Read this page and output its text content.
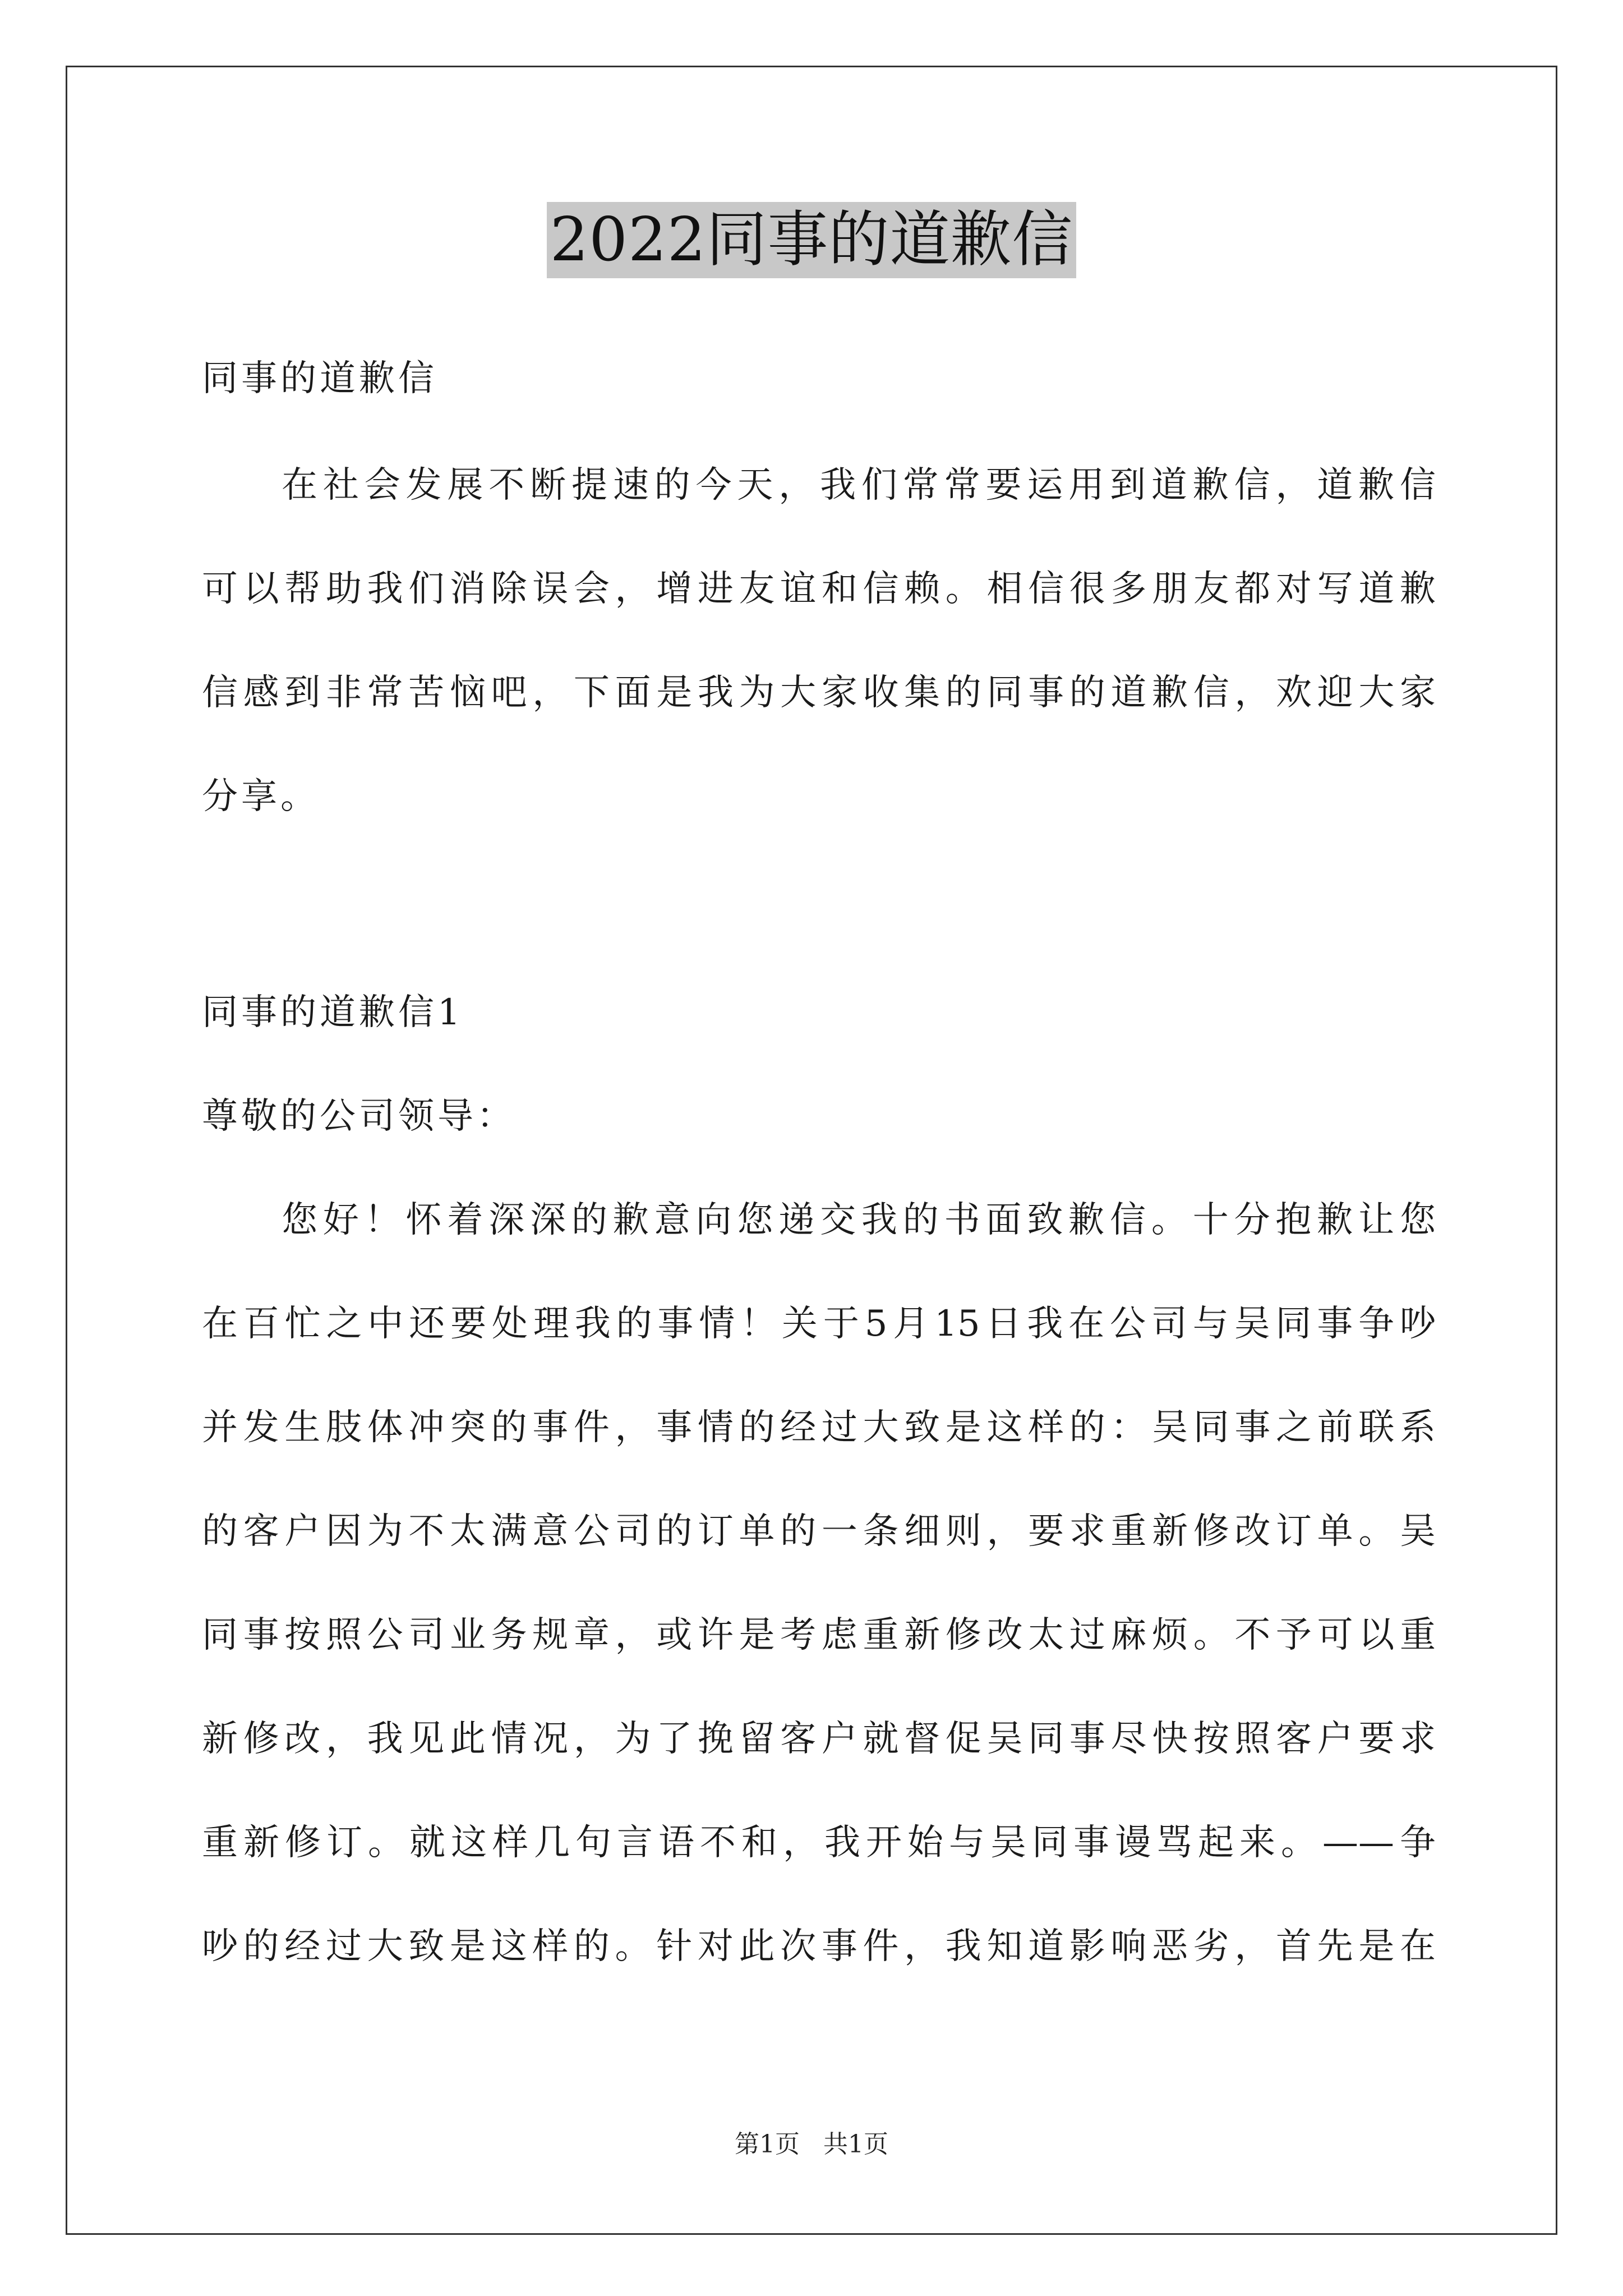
2022同事的道歉信
同事的道歉信
在社会发展不断提速的今天，我们常常要运用到道歉信，道歉信
可以帮助我们消除误会，增进友谊和信赖。相信很多朋友都对写道歉
信感到非常苦恼吧，下面是我为大家收集的同事的道歉信，欢迎大家
分享。
同事的道歉信1
尊敬的公司领导：
您好！怀着深深的歉意向您递交我的书面致歉信。十分抱歉让您
在百忙之中还要处理我的事情！关于5月15日我在公司与吴同事争吵
并发生肢体冲突的事件，事情的经过大致是这样的：吴同事之前联系
的客户因为不太满意公司的订单的一条细则，要求重新修改订单。吴
同事按照公司业务规章，或许是考虑重新修改太过麻烦。不予可以重
新修改，我见此情况，为了挽留客户就督促吴同事尽快按照客户要求
重新修订。就这样几句言语不和，我开始与吴同事谩骂起来。——争
吵的经过大致是这样的。针对此次事件，我知道影响恶劣，首先是在
第1页 共1页
